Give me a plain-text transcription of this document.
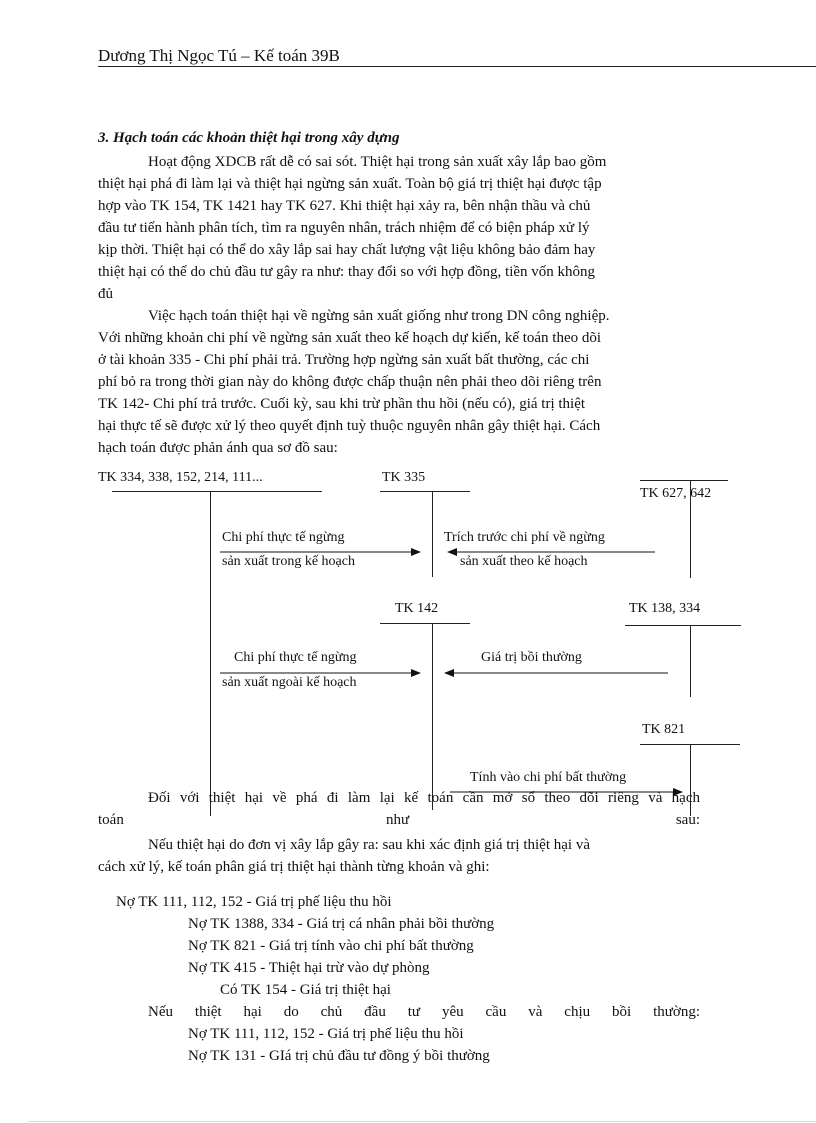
Dương Thị Ngọc Tú – Kế toán 39B
3. Hạch toán các khoản thiệt hại trong xây dựng
Hoạt động XDCB rất dễ có sai sót. Thiệt hại trong sản xuất xây lắp bao gồm
thiệt hại phá đi làm lại và thiệt hại ngừng sản xuất. Toàn bộ giá trị thiệt hại được tập
hợp vào TK 154, TK 1421 hay TK 627. Khi thiệt hại xảy ra, bên nhận thầu và chủ
đầu tư tiến hành phân tích, tìm ra nguyên nhân, trách nhiệm để có biện pháp xử lý
kịp thời. Thiệt hại có thể do xây lắp sai hay chất lượng vật liệu không bảo đảm hay
thiệt hại có thể do chủ đầu tư gây ra như: thay đổi so với hợp đồng, tiền vốn không
đủ
Việc hạch toán thiệt hại về ngừng sản xuất giống như trong DN công nghiệp.
Với những khoản chi phí về ngừng sản xuất theo kế hoạch dự kiến, kế toán theo dõi
ở tài khoản 335 - Chi phí phải trả. Trường hợp ngừng sản xuất bất thường, các chi
phí bỏ ra trong thời gian này do không được chấp thuận nên phải theo dõi riêng trên
TK 142- Chi phí trả trước. Cuối kỳ, sau khi trừ phần thu hồi (nếu có), giá trị thiệt
hại thực tế sẽ được xử lý theo quyết định tuỳ thuộc nguyên nhân gây thiệt hại. Cách
hạch toán được phản ánh qua sơ đồ sau:
TK 334, 338, 152, 214, 111...	TK 335
TK 627, 642
TK 142	TK 138, 334
TK 821
Chi phí thực tế ngừng
sản xuất trong kế hoạch
Trích trước chi phí về ngừng
sản xuất theo kế hoạch
Chi phí thực tế ngừng
sản xuất ngoài kế hoạch
Giá trị bồi thường
Tính vào chi phí bất thường
Đối với thiệt hại về phá đi làm lại kế toán cần mở sổ theo dõi riêng và hạch
toán	như	sau:
Nếu thiệt hại do đơn vị xây lắp gây ra: sau khi xác định giá trị thiệt hại và
cách xử lý, kế toán phân giá trị thiệt hại thành từng khoản và ghi:
Nợ TK 111, 112, 152 - Giá trị phế liệu thu hồi
Nợ TK 1388, 334 - Giá trị cá nhân phải bồi thường
Nợ TK 821 - Giá trị tính vào chi phí bất thường
Nợ TK 415 - Thiệt hại trừ vào dự phòng
Có TK 154 - Giá trị thiệt hại
Nếu thiệt hại do chủ đầu tư yêu cầu và chịu bồi thường:
Nợ TK 111, 112, 152 - Giá trị phế liệu thu hồi
Nợ TK 131 - GIá trị chủ đầu tư đồng ý bồi thường
